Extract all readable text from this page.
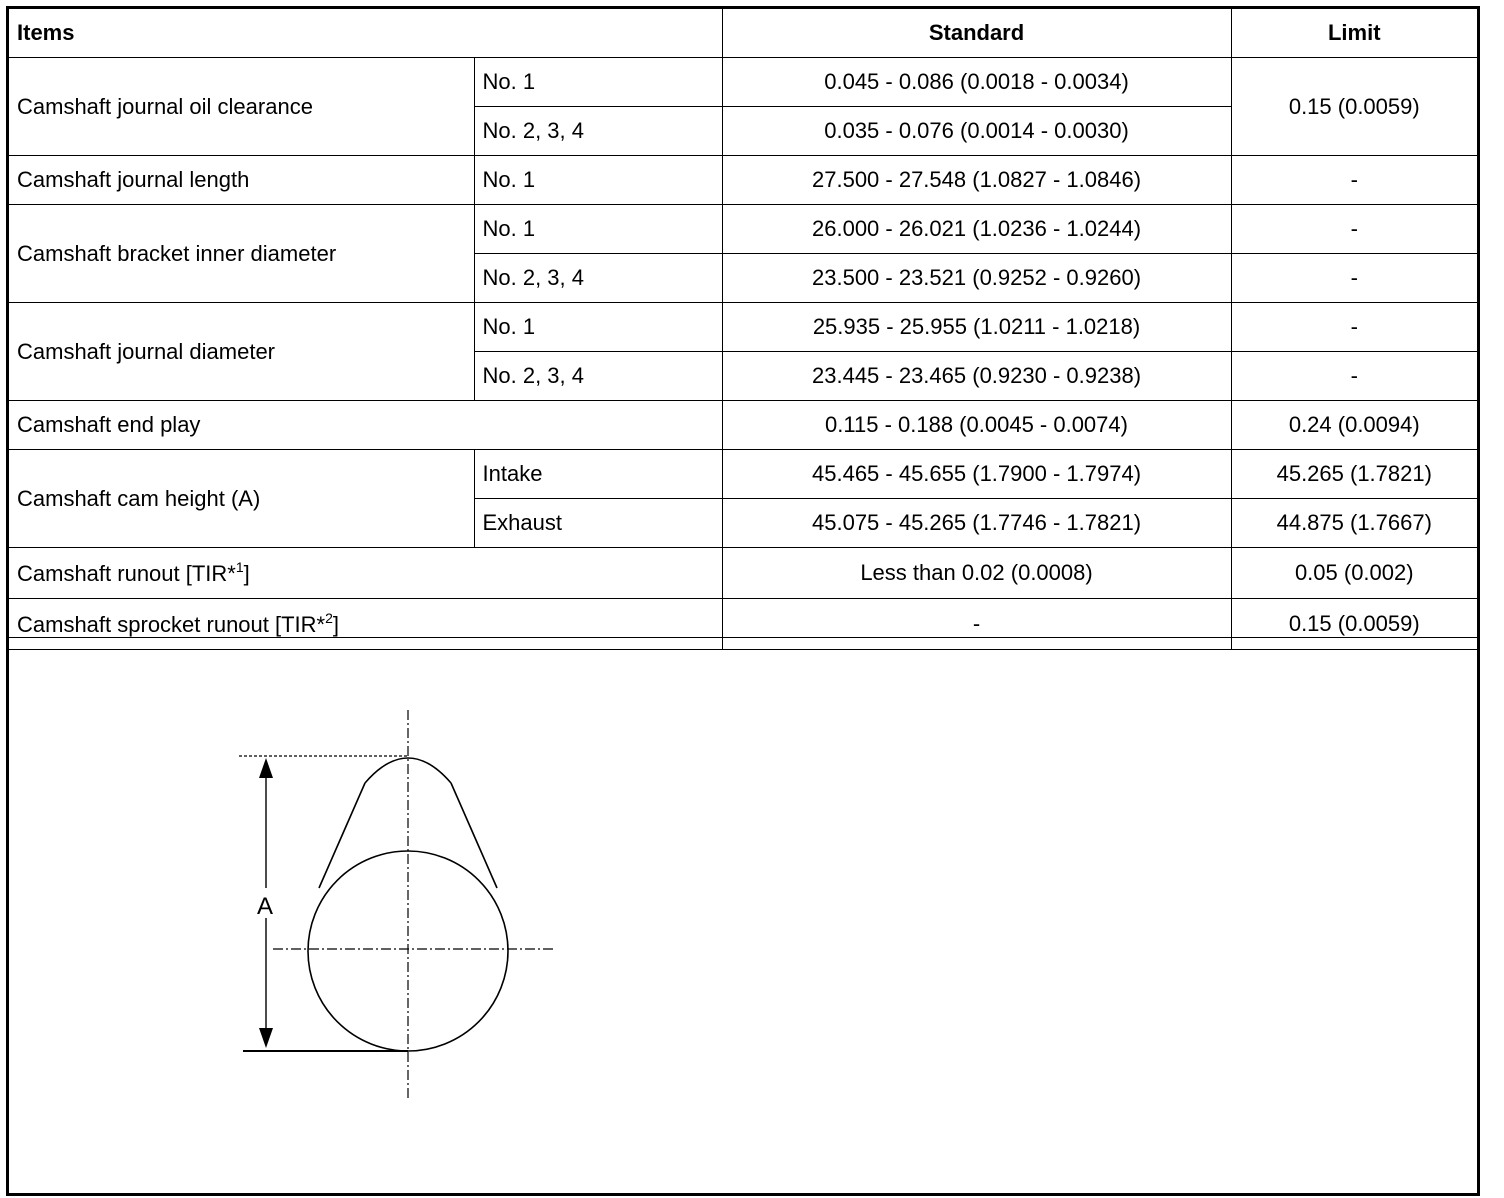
Items		Standard	Limit
Camshaft journal oil clearance	No. 1	0.045 - 0.086 (0.0018 - 0.0034)	0.15 (0.0059)
	No. 2, 3, 4	0.035 - 0.076 (0.0014 - 0.0030)	
Camshaft journal length	No. 1	27.500 - 27.548 (1.0827 - 1.0846)	-
Camshaft bracket inner diameter	No. 1	26.000 - 26.021 (1.0236 - 1.0244)	-
	No. 2, 3, 4	23.500 - 23.521 (0.9252 - 0.9260)	-
Camshaft journal diameter	No. 1	25.935 - 25.955 (1.0211 - 1.0218)	-
	No. 2, 3, 4	23.445 - 23.465 (0.9230 - 0.9238)	-
Camshaft end play		0.115 - 0.188 (0.0045 - 0.0074)	0.24 (0.0094)
Camshaft cam height (A)	Intake	45.465 - 45.655 (1.7900 - 1.7974)	45.265 (1.7821)
	Exhaust	45.075 - 45.265 (1.7746 - 1.7821)	44.875 (1.7667)
Camshaft runout [TIR*$^1$]		Less than 0.02 (0.0008)	0.05 (0.002)
Camshaft sprocket runout [TIR*$^2$]		-	0.15 (0.0059)
A
